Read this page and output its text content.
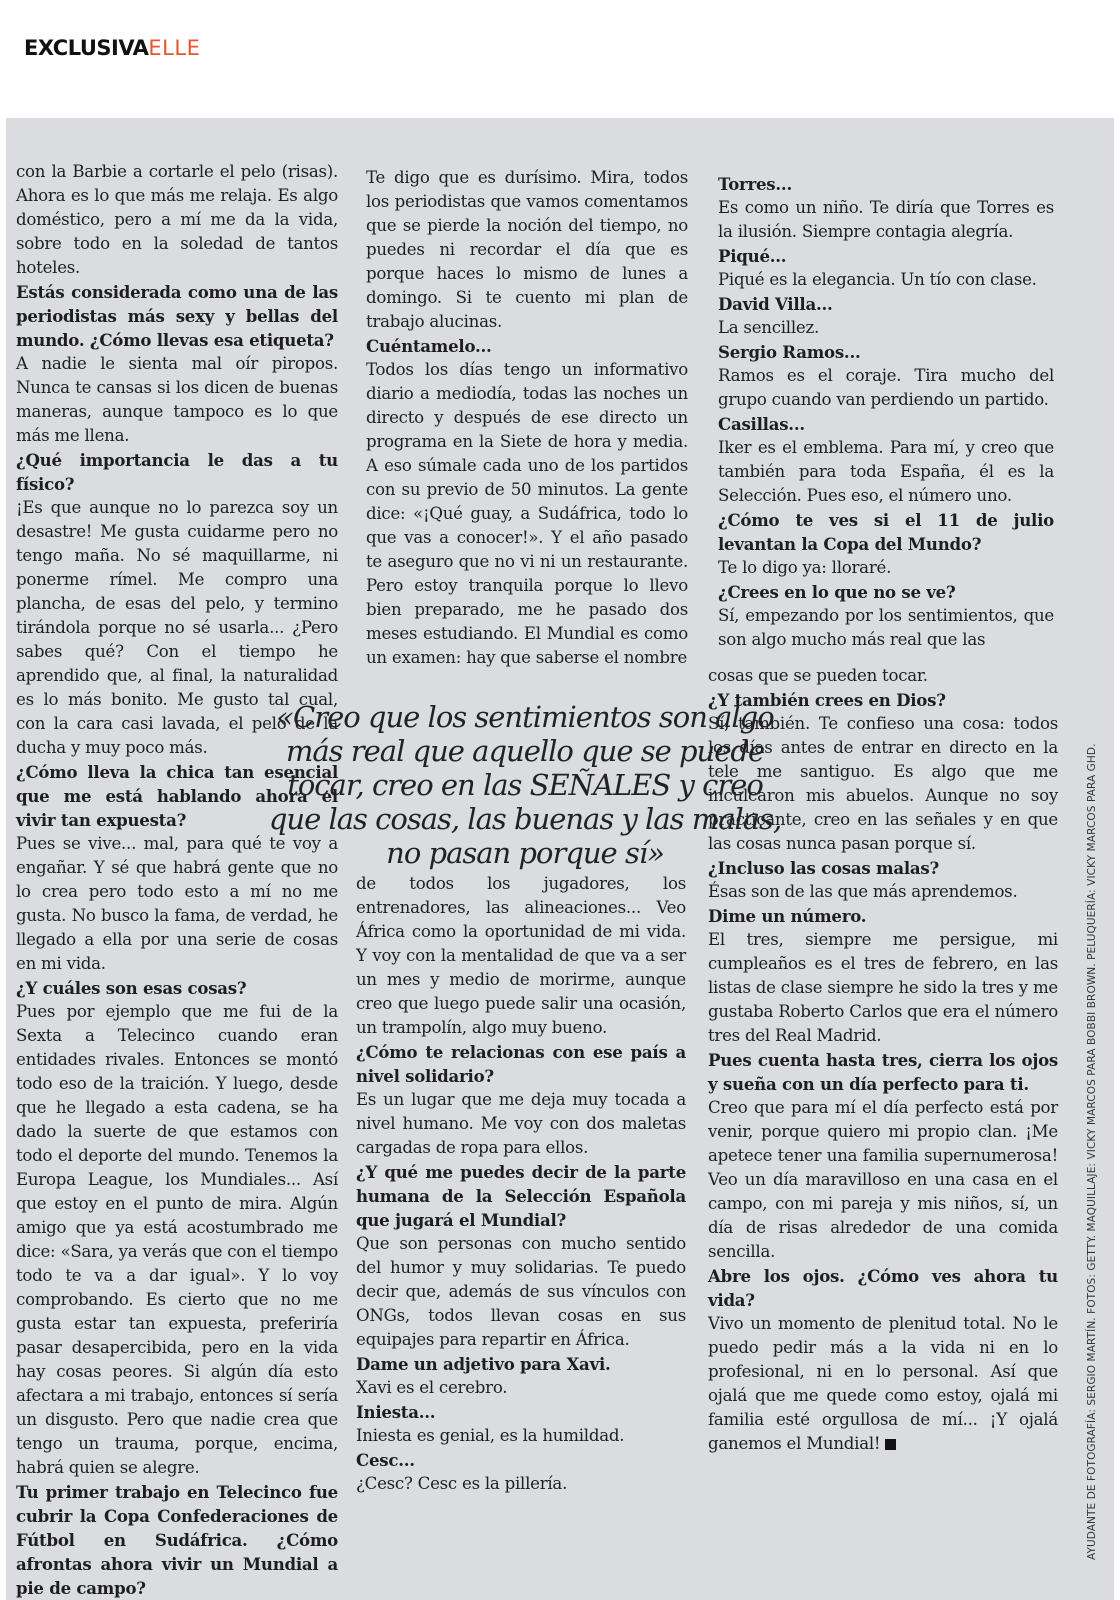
EXCLUSIVAELLE

con la Barbie a cortarle el pelo (risas). Ahora es lo que más me relaja. Es algo doméstico, pero a mí me da la vida, sobre todo en la soledad de tantos hoteles.

Estás considerada como una de las periodistas más sexy y bellas del mundo. ¿Cómo llevas esa etiqueta?

A nadie le sienta mal oír piropos. Nunca te cansas si los dicen de buenas maneras, aunque tampoco es lo que más me llena.

¿Qué importancia le das a tu físico?

¡Es que aunque no lo parezca soy un desastre! Me gusta cuidarme pero no tengo maña. No sé maquillarme, ni ponerme rímel. Me compro una plancha, de esas del pelo, y termino tirándola porque no sé usarla... ¿Pero sabes qué? Con el tiempo he aprendido que, al final, la naturalidad es lo más bonito. Me gusto tal cual, con la cara casi lavada, el pelo de la ducha y muy poco más.

¿Cómo lleva la chica tan esencial que me está hablando ahora el vivir tan expuesta?

Pues se vive... mal, para qué te voy a engañar. Y sé que habrá gente que no lo crea pero todo esto a mí no me gusta. No busco la fama, de verdad, he llegado a ella por una serie de cosas en mi vida.

¿Y cuáles son esas cosas?

Pues por ejemplo que me fui de la Sexta a Telecinco cuando eran entidades rivales. Entonces se montó todo eso de la traición. Y luego, desde que he llegado a esta cadena, se ha dado la suerte de que estamos con todo el deporte del mundo. Tenemos la Europa League, los Mundiales... Así que estoy en el punto de mira. Algún amigo que ya está acostumbrado me dice: «Sara, ya verás que con el tiempo todo te va a dar igual». Y lo voy comprobando. Es cierto que no me gusta estar tan expuesta, preferiría pasar desapercibida, pero en la vida hay cosas peores. Si algún día esto afectara a mi trabajo, entonces sí sería un disgusto. Pero que nadie crea que tengo un trauma, porque, encima, habrá quien se alegre.

Tu primer trabajo en Telecinco fue cubrir la Copa Confederaciones de Fútbol en Sudáfrica. ¿Cómo afrontas ahora vivir un Mundial a pie de campo?

Te digo que es durísimo. Mira, todos los periodistas que vamos comentamos que se pierde la noción del tiempo, no puedes ni recordar el día que es porque haces lo mismo de lunes a domingo. Si te cuento mi plan de trabajo alucinas.

Cuéntamelo...

Todos los días tengo un informativo diario a mediodía, todas las noches un directo y después de ese directo un programa en la Siete de hora y media. A eso súmale cada uno de los partidos con su previo de 50 minutos. La gente dice: «¡Qué guay, a Sudáfrica, todo lo que vas a conocer!». Y el año pasado te aseguro que no vi ni un restaurante. Pero estoy tranquila porque lo llevo bien preparado, me he pasado dos meses estudiando. El Mundial es como un examen: hay que saberse el nombre

de todos los jugadores, los entrenadores, las alineaciones... Veo África como la oportunidad de mi vida. Y voy con la mentalidad de que va a ser un mes y medio de morirme, aunque creo que luego puede salir una ocasión, un trampolín, algo muy bueno.

¿Cómo te relacionas con ese país a nivel solidario?

Es un lugar que me deja muy tocada a nivel humano. Me voy con dos maletas cargadas de ropa para ellos.

¿Y qué me puedes decir de la parte humana de la Selección Española que jugará el Mundial?

Que son personas con mucho sentido del humor y muy solidarias. Te puedo decir que, además de sus vínculos con ONGs, todos llevan cosas en sus equipajes para repartir en África.

Dame un adjetivo para Xavi.

Xavi es el cerebro.

Iniesta...

Iniesta es genial, es la humildad.

Cesc...

¿Cesc? Cesc es la pillería.

Torres...

Es como un niño. Te diría que Torres es la ilusión. Siempre contagia alegría.

Piqué...

Piqué es la elegancia. Un tío con clase.

David Villa...

La sencillez.

Sergio Ramos...

Ramos es el coraje. Tira mucho del grupo cuando van perdiendo un partido.

Casillas...

Iker es el emblema. Para mí, y creo que también para toda España, él es la Selección. Pues eso, el número uno.

¿Cómo te ves si el 11 de julio levantan la Copa del Mundo?

Te lo digo ya: lloraré.

¿Crees en lo que no se ve?

Sí, empezando por los sentimientos, que son algo mucho más real que las

cosas que se pueden tocar.

¿Y también crees en Dios?

Sí, también. Te confieso una cosa: todos los días antes de entrar en directo en la tele me santiguo. Es algo que me inculcaron mis abuelos. Aunque no soy practicante, creo en las señales y en que las cosas nunca pasan porque sí.

¿Incluso las cosas malas?

Ésas son de las que más aprendemos.

Dime un número.

El tres, siempre me persigue, mi cumpleaños es el tres de febrero, en las listas de clase siempre he sido la tres y me gustaba Roberto Carlos que era el número tres del Real Madrid.

Pues cuenta hasta tres, cierra los ojos y sueña con un día perfecto para ti.

Creo que para mí el día perfecto está por venir, porque quiero mi propio clan. ¡Me apetece tener una familia supernumerosa! Veo un día maravilloso en una casa en el campo, con mi pareja y mis niños, sí, un día de risas alrededor de una comida sencilla.

Abre los ojos. ¿Cómo ves ahora tu vida?

Vivo un momento de plenitud total. No le puedo pedir más a la vida ni en lo profesional, ni en lo personal. Así que ojalá que me quede como estoy, ojalá mi familia esté orgullosa de mí... ¡Y ojalá ganemos el Mundial!

«Creo que los sentimientos son algo más real que aquello que se puede tocar, creo en las SEÑALES y creo que las cosas, las buenas y las malas, no pasan porque sí»	AYUDANTE DE FOTOGRAFÍA: SERGIO MARTÍN. FOTOS: GETTY. MAQUILLAJE: VICKY MARCOS PARA BOBBI BROWN. PELUQUERÍA: VICKY MARCOS PARA GHD.
